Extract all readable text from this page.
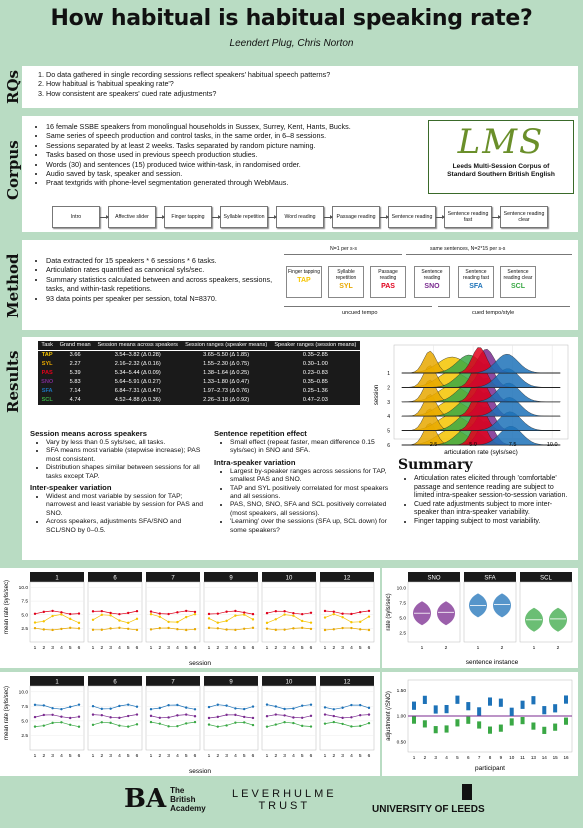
How habitual is habitual speaking rate?
Leendert Plug, Chris Norton
RQs
Corpus
Method
Results
1. Do data gathered in single recording sessions reflect speakers' habitual speech patterns?
2. How habitual is 'habitual speaking rate'?
3. How consistent are speakers' cued rate adjustments?
• 16 female SSBE speakers from monolingual households in Sussex, Surrey, Kent, Hants, Bucks.
• Same series of speech production and control tasks, in the same order, in 6–8 sessions.
• Sessions separated by at least 2 weeks. Tasks separated by random picture naming.
• Tasks based on those used in previous speech production studies.
• Words (30) and sentences (15) produced twice within-task, in randomised order.
• Audio saved by task, speaker and session.
• Praat textgrids with phone-level segmentation generated through WebMaus.
LMS
Leeds Multi-Session Corpus of
Standard Southern British English
Intro	Affective slider	Finger tapping	Syllable repetition	Word reading	Passage reading	Sentence reading	Sentence reading fast
Sentence reading clear
• Data extracted for 15 speakers * 6 sessions * 6 tasks.
• Articulation rates quantified as canonical syls/sec.
• Summary statistics calculated between and across speakers, sessions, tasks, and within-task repetitions.
• 93 data points per speaker per session, total N=8370.
N=1 per s-s	same sentences, N=2*15 per s-s
Finger tapping
TAP
Syllable repetition
SYL
Passage reading
PAS
Sentence reading
SNO
Sentence reading fast
SFA
Sentence reading clear
SCL
uncued tempo	cued tempo/style
Task	Grand mean	Session means across speakers	Session ranges (speaker means)	Speaker ranges (session means)
TAP	3.66	3.54–3.82 (Δ 0.28)	3.65–5.50 (Δ 1.85)	0.35–2.85
SYL	2.27	2.16–2.32 (Δ 0.16)	1.55–2.30 (Δ 0.75)	0.30–1.00
PAS	5.39	5.34–5.44 (Δ 0.09)	1.38–1.64 (Δ 0.25)	0.23–0.83
SNO	5.83	5.64–5.91 (Δ 0.27)	1.33–1.80 (Δ 0.47)	0.35–0.85
SFA	7.14	6.84–7.31 (Δ 0.47)	1.97–2.73 (Δ 0.76)	0.25–1.36
SCL	4.74	4.52–4.88 (Δ 0.36)	2.26–3.18 (Δ 0.92)	0.47–2.03
1
2
3
4
5
6	2.5	5.0	7.5	10.0
articulation rate (syls/sec)
session
Session means across speakers
• Vary by less than 0.5 syls/sec, all tasks.
• SFA means most variable (stepwise increase); PAS most consistent.
• Distribution shapes similar between sessions for all tasks except TAP.
Inter-speaker variation
• Widest and most variable by session for TAP; narrowest and least variable by session for PAS and SNO.
• Across speakers, adjustments SFA/SNO and SCL/SNO by 0–0.5.
Sentence repetition effect
• Small effect (repeat faster, mean difference 0.15 syls/sec) in SNO and SFA.
Intra-speaker variation
• Largest by-speaker ranges across sessions for TAP, smallest PAS and SNO.
• TAP and SYL positively correlated for most speakers and all sessions.
• PAS, SNO, SNO, SFA and SCL positively correlated (most speakers, all sessions).
• 'Learning' over the sessions (SFA up, SCL down) for some speakers?
Summary
• Articulation rates elicited through 'comfortable' passage and sentence reading are subject to limited intra-speaker session-to-session variation.
• Cued rate adjustments subject to more inter-speaker than intra-speaker variability.
• Finger tapping subject to most variability.
1
1 2 3 4 5 6
6
1 2 3 4 5 6
7
1 2 3 4 5 6
9
1 2 3 4 5 6
10
1 2 3 4 5 6
12
1 2 3 4 5 6
2.5
5.0
7.5
10.0
mean rate (syls/sec)
session
1
1 2 3 4 5 6
6
1 2 3 4 5 6
7
1 2 3 4 5 6
9
1 2 3 4 5 6
10
1 2 3 4 5 6
12
1 2 3 4 5 6
2.5
5.0
7.5
10.0
mean rate (syls/sec)
session
SNO
1	2
SFA
1	2
SCL
1	2
2.5
5.0
7.5
10.0
rate (syls/sec)
sentence instance
1 2 3 4 5 6 7 8 9 10 11 13 14 15 16
0.50
1.00
1.50
adjustment (/SNO)
participant
BA The
British
Academy
LEVERHULME
TRUST	UNIVERSITY OF LEEDS
